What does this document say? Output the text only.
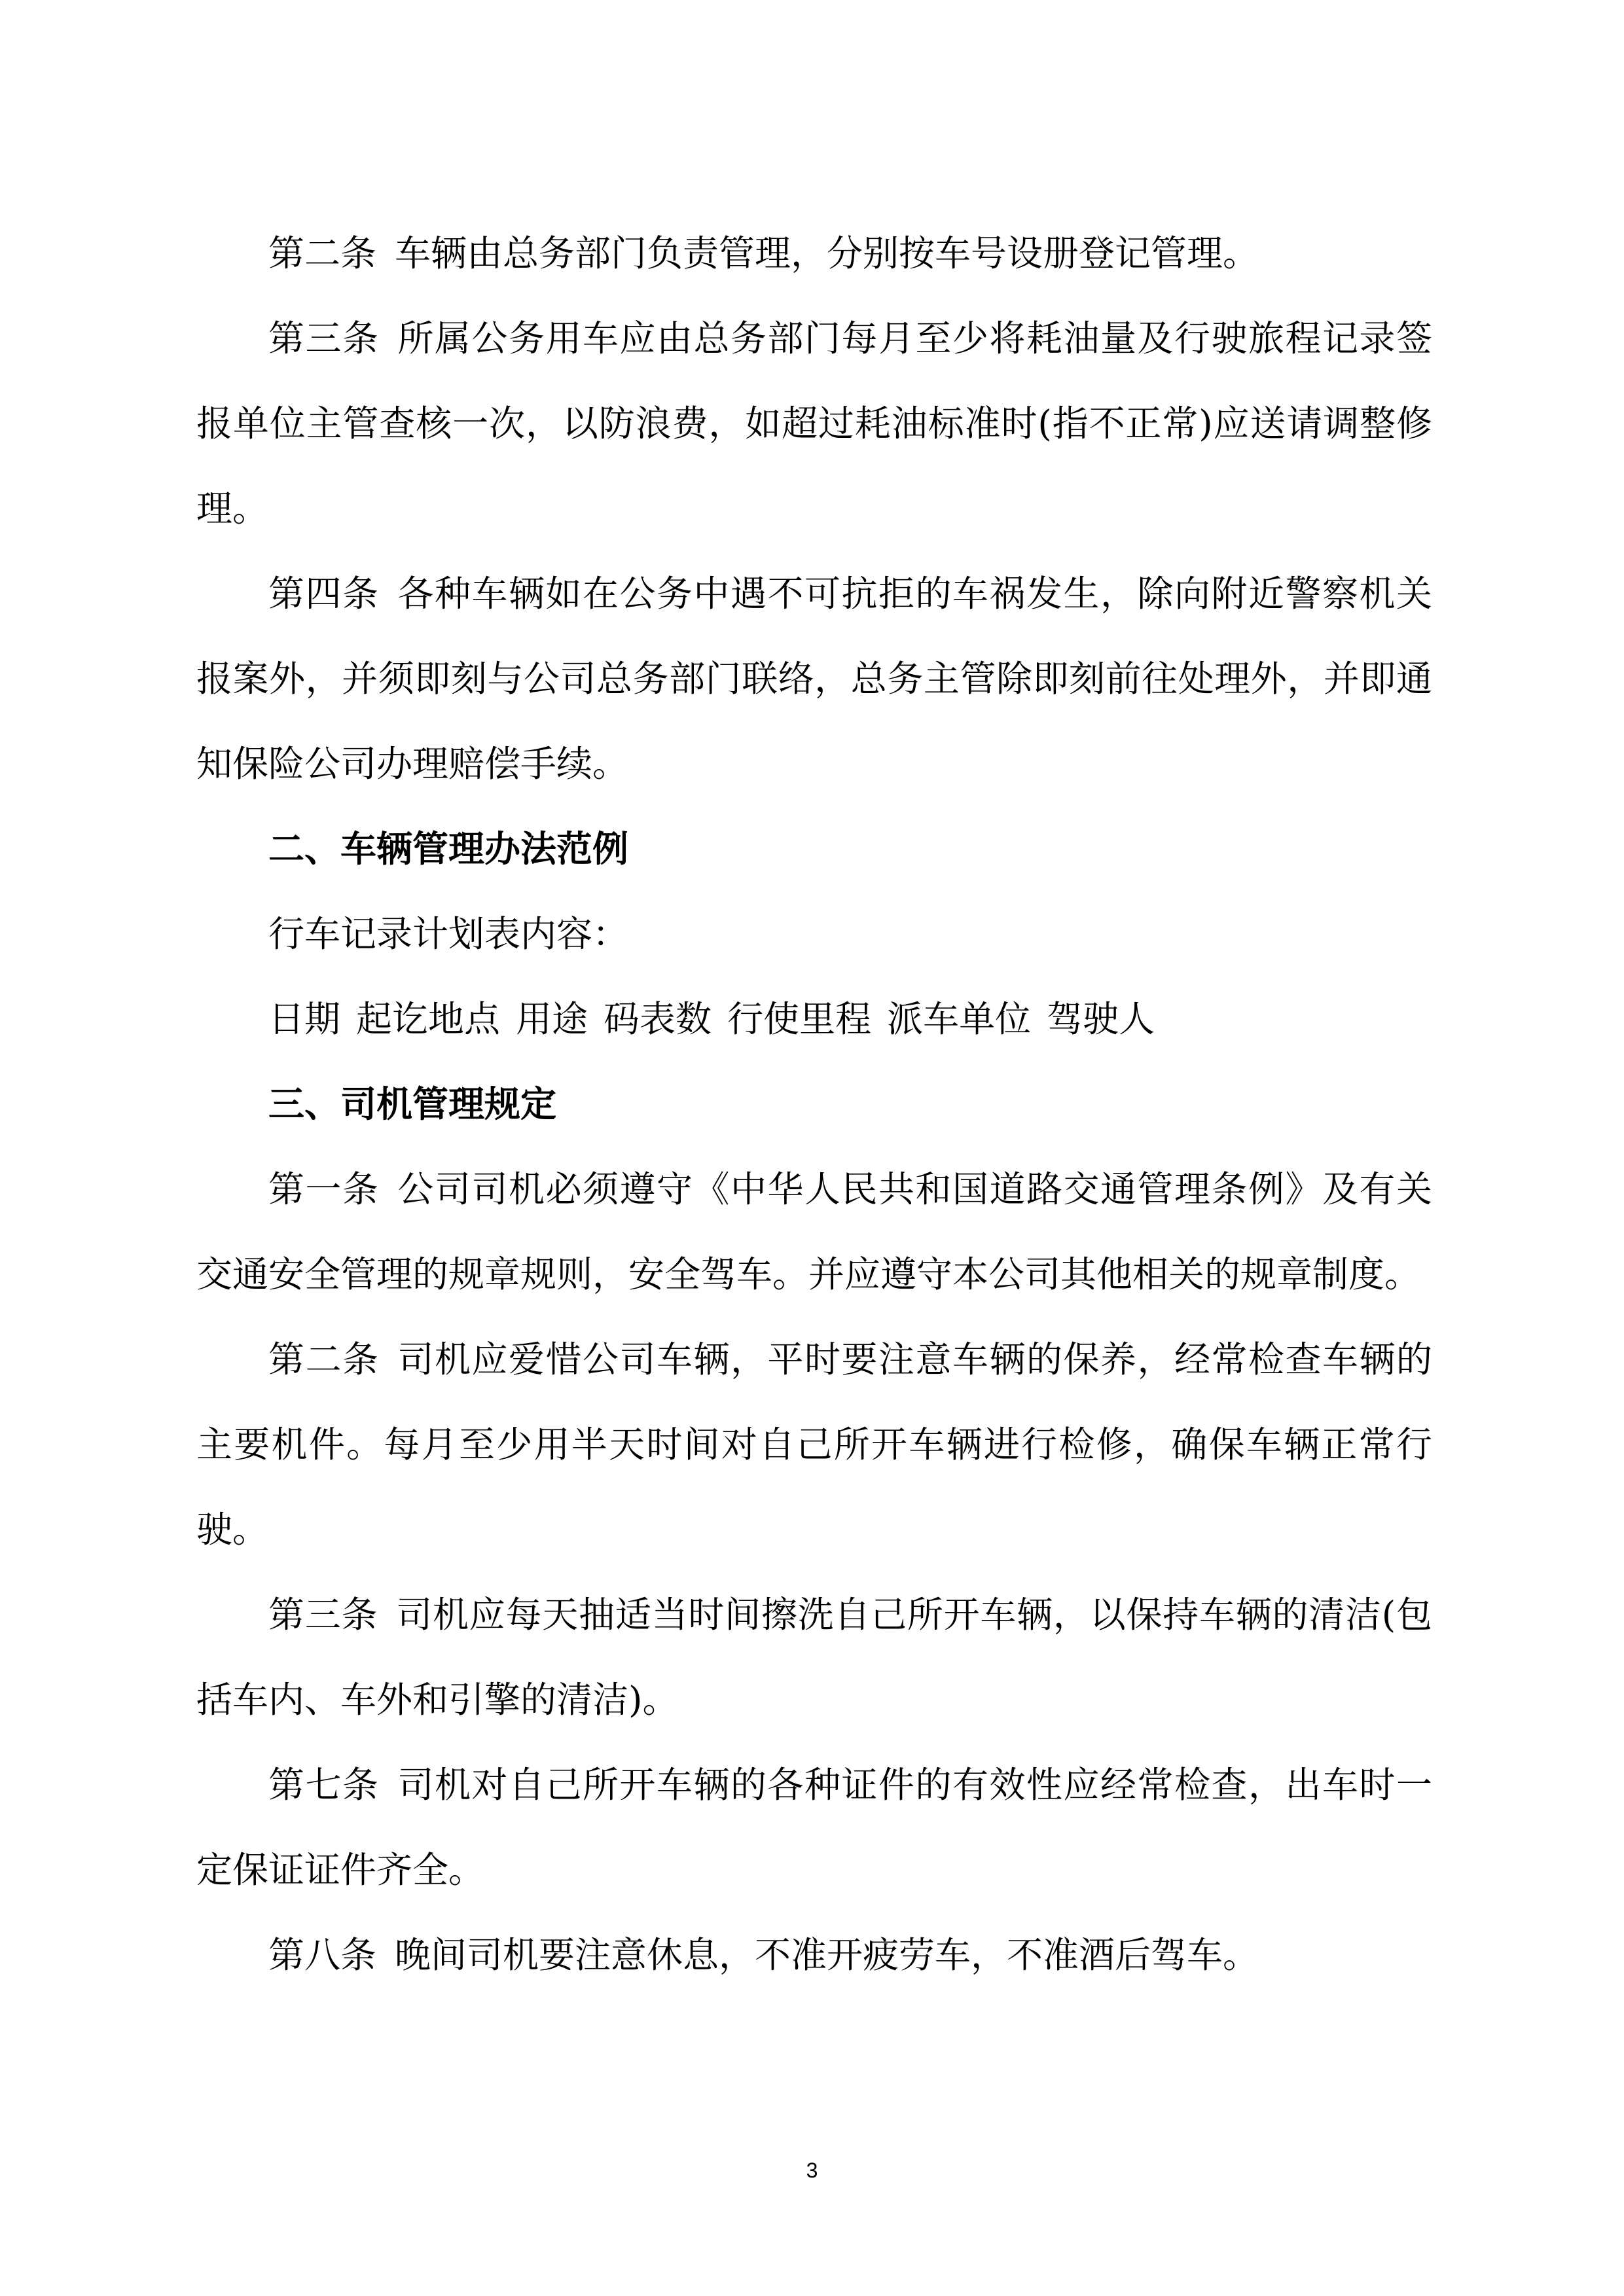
第二条 车辆由总务部门负责管理，分别按车号设册登记管理。

第三条 所属公务用车应由总务部门每月至少将耗油量及行驶旅程记录签报单位主管查核一次，以防浪费，如超过耗油标准时(指不正常)应送请调整修理。

第四条 各种车辆如在公务中遇不可抗拒的车祸发生，除向附近警察机关报案外，并须即刻与公司总务部门联络，总务主管除即刻前往处理外，并即通知保险公司办理赔偿手续。

二、车辆管理办法范例

行车记录计划表内容：

日期 起讫地点 用途 码表数 行使里程 派车单位 驾驶人

三、司机管理规定

第一条 公司司机必须遵守《中华人民共和国道路交通管理条例》及有关交通安全管理的规章规则，安全驾车。并应遵守本公司其他相关的规章制度。

第二条 司机应爱惜公司车辆，平时要注意车辆的保养，经常检查车辆的主要机件。每月至少用半天时间对自己所开车辆进行检修，确保车辆正常行驶。

第三条 司机应每天抽适当时间擦洗自己所开车辆，以保持车辆的清洁(包括车内、车外和引擎的清洁)。

第七条 司机对自己所开车辆的各种证件的有效性应经常检查，出车时一定保证证件齐全。

第八条 晚间司机要注意休息，不准开疲劳车，不准酒后驾车。

3
